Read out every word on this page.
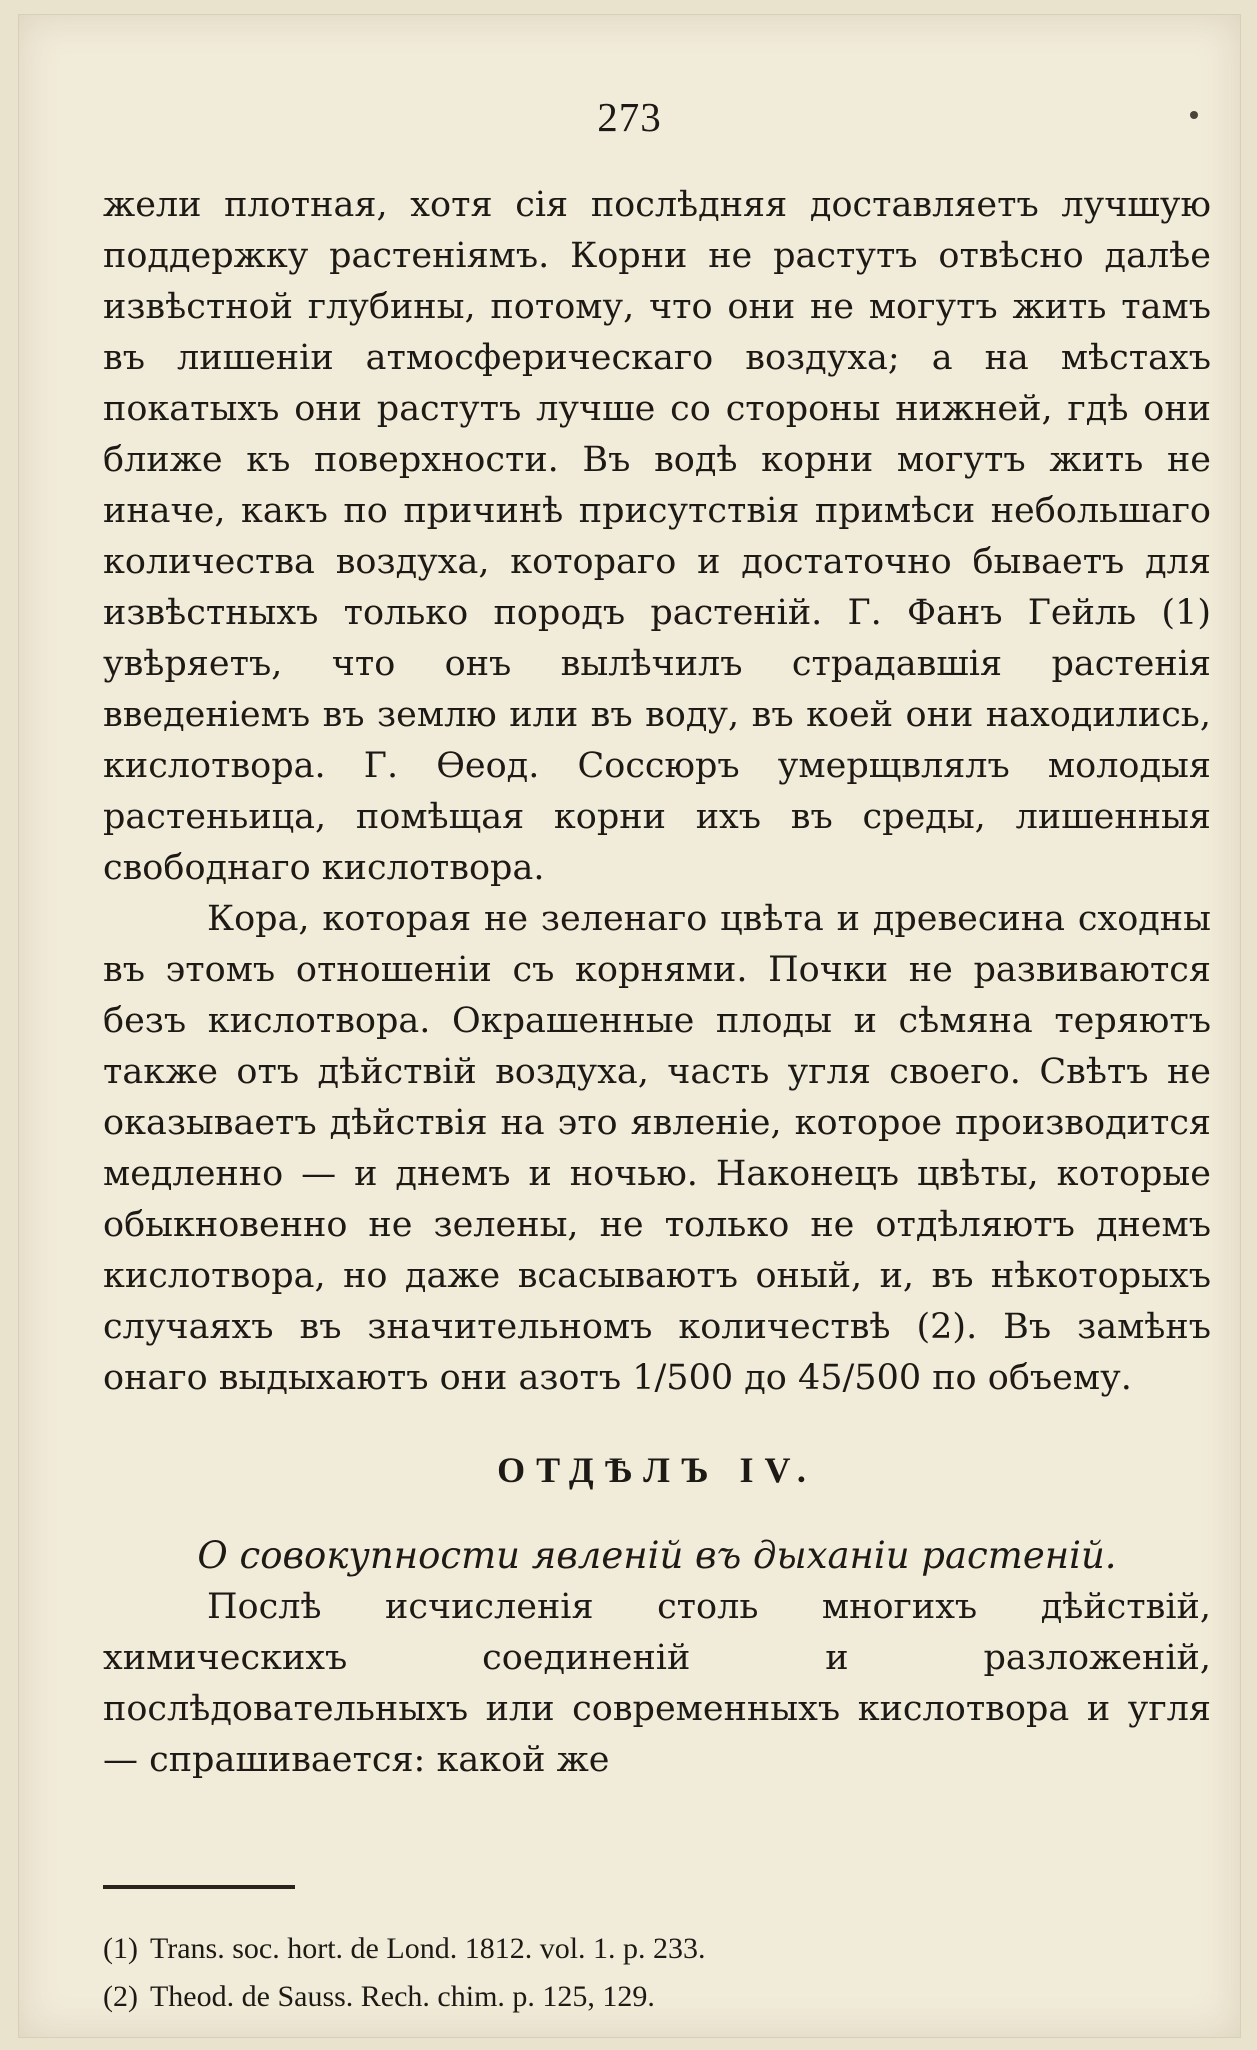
273

жели плотная, хотя сія послѣдняя доставляетъ лучшую поддержку растеніямъ. Корни не растутъ отвѣсно далѣе извѣстной глубины, потому, что они не могутъ жить тамъ въ лишеніи атмосферическаго воздуха; а на мѣстахъ покатыхъ они растутъ лучше со стороны нижней, гдѣ они ближе къ поверхности. Въ водѣ корни могутъ жить не иначе, какъ по причинѣ присутствія примѣси небольшаго количества воздуха, котораго и достаточно бываетъ для извѣстныхъ только породъ растеній. Г. Фанъ Гейль (1) увѣряетъ, что онъ вылѣчилъ страдавшія растенія введеніемъ въ землю или въ воду, въ коей они находились, кислотвора. Г. Ѳеод. Соссюръ умерщвлялъ молодыя растеньица, помѣщая корни ихъ въ среды, лишенныя свободнаго кислотвора.

Кора, которая не зеленаго цвѣта и древесина сходны въ этомъ отношеніи съ корнями. Почки не развиваются безъ кислотвора. Окрашенные плоды и сѣмяна теряютъ также отъ дѣйствій воздуха, часть угля своего. Свѣтъ не оказываетъ дѣйствія на это явленіе, которое производится медленно — и днемъ и ночью. Наконецъ цвѣты, которые обыкновенно не зелены, не только не отдѣляютъ днемъ кислотвора, но даже всасываютъ оный, и, въ нѣкоторыхъ случаяхъ въ значительномъ количествѣ (2). Въ замѣнъ онаго выдыхаютъ они азотъ 1/500 до 45/500 по объему.

ОТДѢЛЪ IV.
О совокупности явленій въ дыханіи растеній.

Послѣ исчисленія столь многихъ дѣйствій, химическихъ соединеній и разложеній, послѣдовательныхъ или современныхъ кислотвора и угля — спрашивается: какой же

(1) Trans. soc. hort. de Lond. 1812. vol. 1. p. 233.
(2) Theod. de Sauss. Rech. chim. p. 125, 129.
